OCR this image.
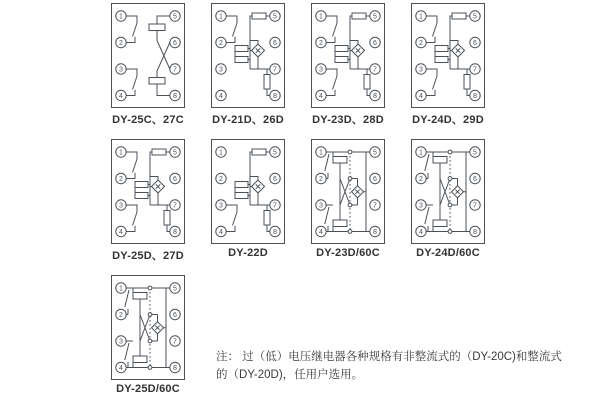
1
2
3
4
5
6
7
8
DY-25C、27C
1
2
3
4
5
6
7
8
DY-21D、26D
1
2
3
4
5
6
7
8
DY-23D、28D
1
2
3
4
5
6
7
8
DY-24D、29D
1
2
3
4
5
6
7
8
DY-25D、27D
1
2
3
4
5
6
7
8
DY-22D
1
2
3
4
5
6
7
8
DY-23D/60C
1
2
3
4
5
6
7
8
DY-24D/60C
1
2
3
4
5
6
7
8
DY-25D/60C
注： 过（低）电压继电器各种规格有非整流式的（DY-20C)和整流式
的（DY-20D)，任用户选用。
